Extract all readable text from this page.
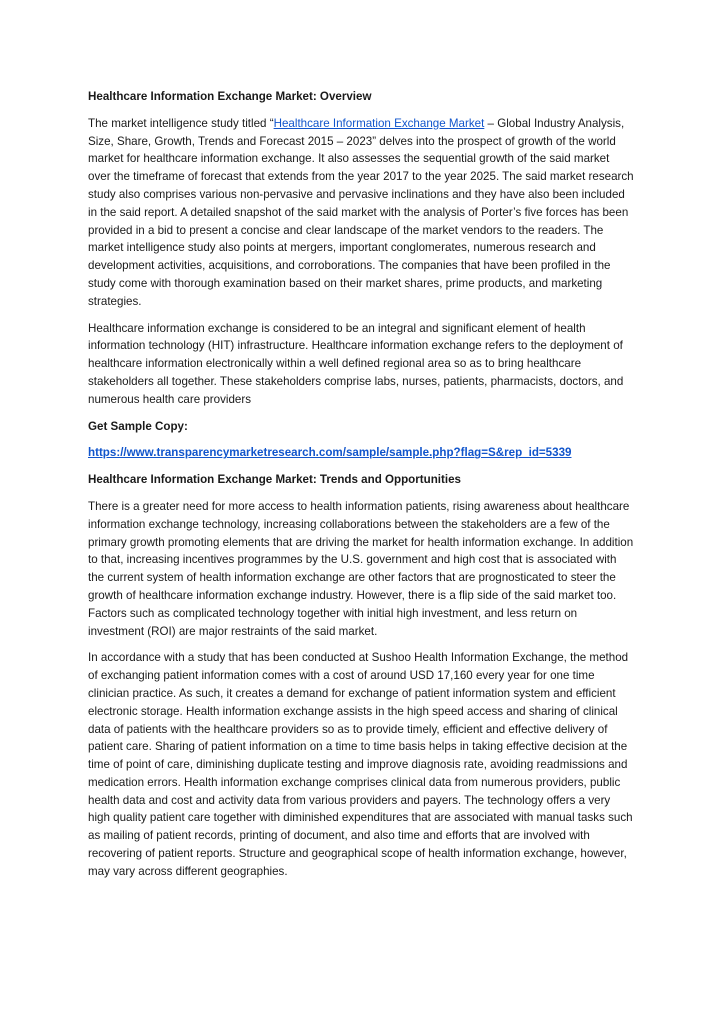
Healthcare Information Exchange Market: Overview

The market intelligence study titled “Healthcare Information Exchange Market – Global Industry Analysis, Size, Share, Growth, Trends and Forecast 2015 – 2023” delves into the prospect of growth of the world market for healthcare information exchange. It also assesses the sequential growth of the said market over the timeframe of forecast that extends from the year 2017 to the year 2025. The said market research study also comprises various non-pervasive and pervasive inclinations and they have also been included in the said report. A detailed snapshot of the said market with the analysis of Porter’s five forces has been provided in a bid to present a concise and clear landscape of the market vendors to the readers. The market intelligence study also points at mergers, important conglomerates, numerous research and development activities, acquisitions, and corroborations. The companies that have been profiled in the study come with thorough examination based on their market shares, prime products, and marketing strategies.

Healthcare information exchange is considered to be an integral and significant element of health information technology (HIT) infrastructure. Healthcare information exchange refers to the deployment of healthcare information electronically within a well defined regional area so as to bring healthcare stakeholders all together. These stakeholders comprise labs, nurses, patients, pharmacists, doctors, and numerous health care providers

Get Sample Copy:

https://www.transparencymarketresearch.com/sample/sample.php?flag=S&rep_id=5339

Healthcare Information Exchange Market: Trends and Opportunities

There is a greater need for more access to health information patients, rising awareness about healthcare information exchange technology, increasing collaborations between the stakeholders are a few of the primary growth promoting elements that are driving the market for health information exchange. In addition to that, increasing incentives programmes by the U.S. government and high cost that is associated with the current system of health information exchange are other factors that are prognosticated to steer the growth of healthcare information exchange industry. However, there is a flip side of the said market too. Factors such as complicated technology together with initial high investment, and less return on investment (ROI) are major restraints of the said market.

In accordance with a study that has been conducted at Sushoo Health Information Exchange, the method of exchanging patient information comes with a cost of around USD 17,160 every year for one time clinician practice. As such, it creates a demand for exchange of patient information system and efficient electronic storage. Health information exchange assists in the high speed access and sharing of clinical data of patients with the healthcare providers so as to provide timely, efficient and effective delivery of patient care. Sharing of patient information on a time to time basis helps in taking effective decision at the time of point of care, diminishing duplicate testing and improve diagnosis rate, avoiding readmissions and medication errors. Health information exchange comprises clinical data from numerous providers, public health data and cost and activity data from various providers and payers. The technology offers a very high quality patient care together with diminished expenditures that are associated with manual tasks such as mailing of patient records, printing of document, and also time and efforts that are involved with recovering of patient reports. Structure and geographical scope of health information exchange, however, may vary across different geographies.
